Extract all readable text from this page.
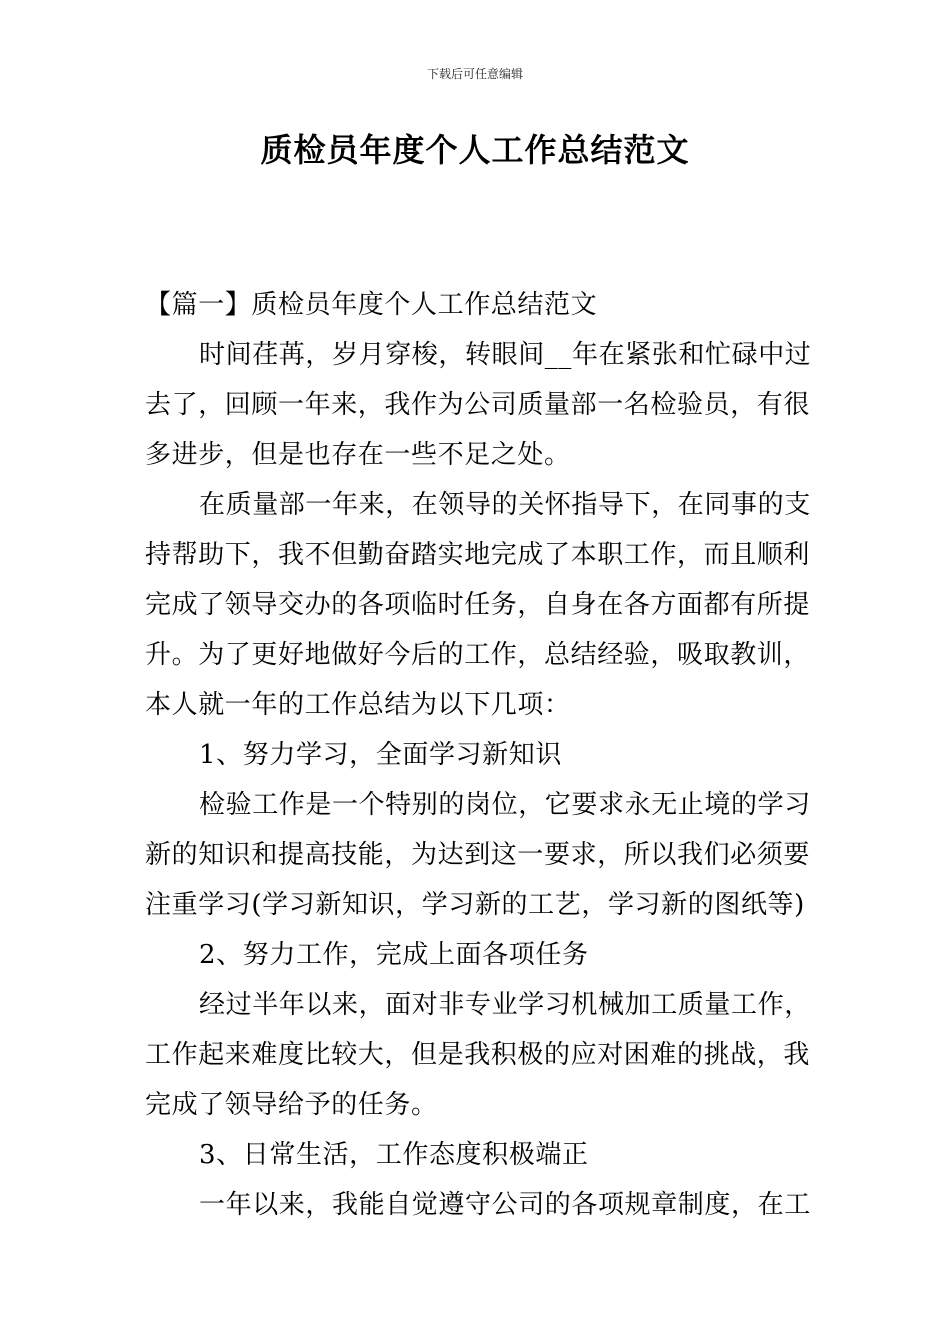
下载后可任意编辑
质检员年度个人工作总结范文
【篇一】质检员年度个人工作总结范文
时间荏苒，岁月穿梭，转眼间__年在紧张和忙碌中过
去了，回顾一年来，我作为公司质量部一名检验员，有很
多进步，但是也存在一些不足之处。
在质量部一年来，在领导的关怀指导下，在同事的支
持帮助下，我不但勤奋踏实地完成了本职工作，而且顺利
完成了领导交办的各项临时任务，自身在各方面都有所提
升。为了更好地做好今后的工作，总结经验，吸取教训，
本人就一年的工作总结为以下几项：
1、努力学习，全面学习新知识
检验工作是一个特别的岗位，它要求永无止境的学习
新的知识和提高技能，为达到这一要求，所以我们必须要
注重学习(学习新知识，学习新的工艺，学习新的图纸等)
2、努力工作，完成上面各项任务
经过半年以来，面对非专业学习机械加工质量工作，
工作起来难度比较大，但是我积极的应对困难的挑战，我
完成了领导给予的任务。
3、日常生活，工作态度积极端正
一年以来，我能自觉遵守公司的各项规章制度，在工
